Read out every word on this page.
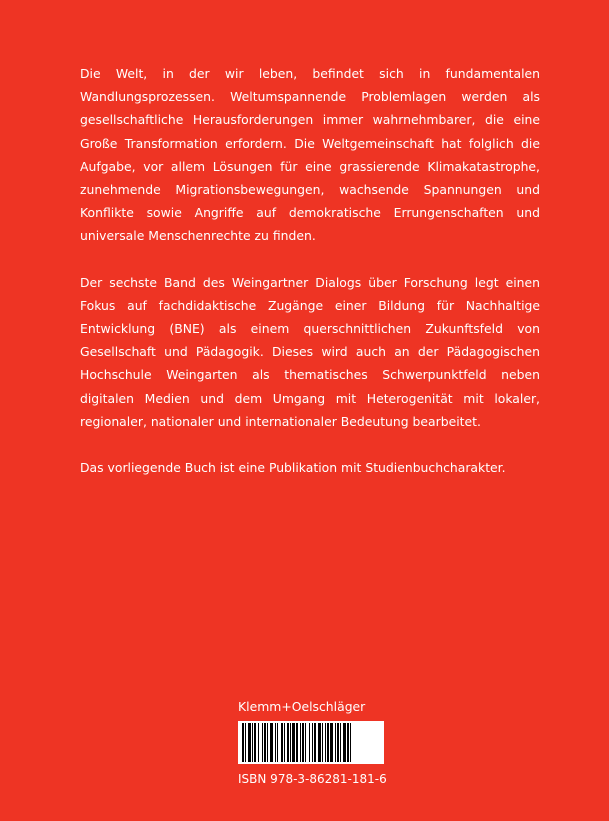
Die Welt, in der wir leben, befindet sich in fundamentalen Wandlungsprozessen. Weltumspannende Problemlagen werden als gesellschaftliche Herausforderungen immer wahrnehmbarer, die eine Große Transformation erfordern. Die Weltgemeinschaft hat folglich die Aufgabe, vor allem Lösungen für eine grassierende Klimakatastrophe, zunehmende Migrationsbewegungen, wachsende Spannungen und Konflikte sowie Angriffe auf demokratische Errungenschaften und universale Menschenrechte zu finden.

Der sechste Band des Weingartner Dialogs über Forschung legt einen Fokus auf fachdidaktische Zugänge einer Bildung für Nachhaltige Entwicklung (BNE) als einem querschnittlichen Zukunftsfeld von Gesellschaft und Pädagogik. Dieses wird auch an der Pädagogischen Hochschule Weingarten als thematisches Schwerpunktfeld neben digitalen Medien und dem Umgang mit Heterogenität mit lokaler, regionaler, nationaler und internationaler Bedeutung bearbeitet.

Das vorliegende Buch ist eine Publikation mit Studienbuchcharakter.

Klemm+Oelschläger
ISBN 978-3-86281-181-6
